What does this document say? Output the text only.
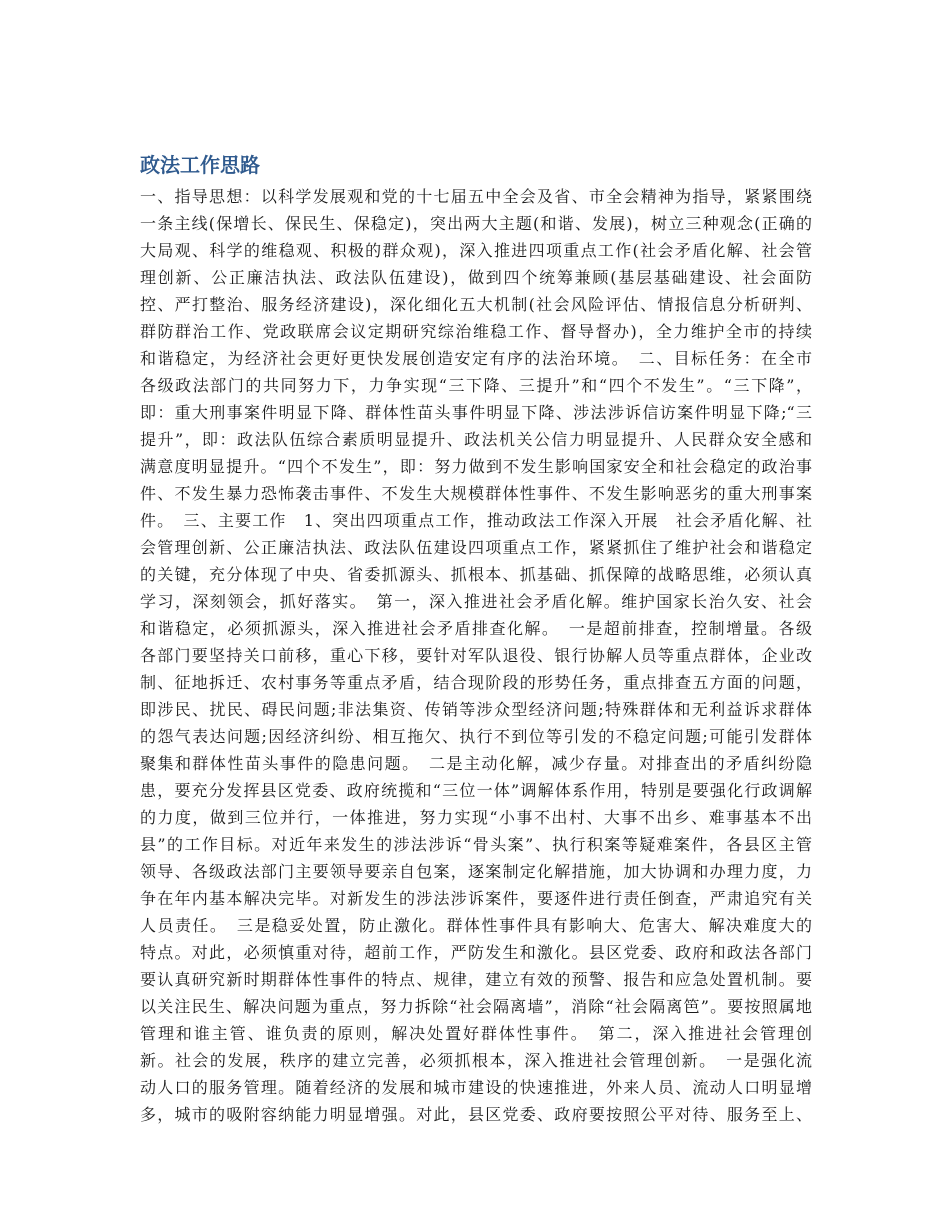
政法工作思路
一、指导思想：以科学发展观和党的十七届五中全会及省、市全会精神为指导，紧紧围绕
一条主线(保增长、保民生、保稳定)，突出两大主题(和谐、发展)，树立三种观念(正确的
大局观、科学的维稳观、积极的群众观)，深入推进四项重点工作(社会矛盾化解、社会管
理创新、公正廉洁执法、政法队伍建设)，做到四个统筹兼顾(基层基础建设、社会面防
控、严打整治、服务经济建设)，深化细化五大机制(社会风险评估、情报信息分析研判、
群防群治工作、党政联席会议定期研究综治维稳工作、督导督办)，全力维护全市的持续
和谐稳定，为经济社会更好更快发展创造安定有序的法治环境。　二、目标任务：在全市
各级政法部门的共同努力下，力争实现“三下降、三提升”和“四个不发生”。“三下降”，
即：重大刑事案件明显下降、群体性苗头事件明显下降、涉法涉诉信访案件明显下降;“三
提升”，即：政法队伍综合素质明显提升、政法机关公信力明显提升、人民群众安全感和
满意度明显提升。“四个不发生”，即：努力做到不发生影响国家安全和社会稳定的政治事
件、不发生暴力恐怖袭击事件、不发生大规模群体性事件、不发生影响恶劣的重大刑事案
件。　三、主要工作　1、突出四项重点工作，推动政法工作深入开展　社会矛盾化解、社
会管理创新、公正廉洁执法、政法队伍建设四项重点工作，紧紧抓住了维护社会和谐稳定
的关键，充分体现了中央、省委抓源头、抓根本、抓基础、抓保障的战略思维，必须认真
学习，深刻领会，抓好落实。　第一，深入推进社会矛盾化解。维护国家长治久安、社会
和谐稳定，必须抓源头，深入推进社会矛盾排查化解。　一是超前排查，控制增量。各级
各部门要坚持关口前移，重心下移，要针对军队退役、银行协解人员等重点群体，企业改
制、征地拆迁、农村事务等重点矛盾，结合现阶段的形势任务，重点排查五方面的问题，
即涉民、扰民、碍民问题;非法集资、传销等涉众型经济问题;特殊群体和无利益诉求群体
的怨气表达问题;因经济纠纷、相互拖欠、执行不到位等引发的不稳定问题;可能引发群体
聚集和群体性苗头事件的隐患问题。　二是主动化解，减少存量。对排查出的矛盾纠纷隐
患，要充分发挥县区党委、政府统揽和“三位一体”调解体系作用，特别是要强化行政调解
的力度，做到三位并行，一体推进，努力实现“小事不出村、大事不出乡、难事基本不出
县”的工作目标。对近年来发生的涉法涉诉“骨头案”、执行积案等疑难案件，各县区主管
领导、各级政法部门主要领导要亲自包案，逐案制定化解措施，加大协调和办理力度，力
争在年内基本解决完毕。对新发生的涉法涉诉案件，要逐件进行责任倒查，严肃追究有关
人员责任。　三是稳妥处置，防止激化。群体性事件具有影响大、危害大、解决难度大的
特点。对此，必须慎重对待，超前工作，严防发生和激化。县区党委、政府和政法各部门
要认真研究新时期群体性事件的特点、规律，建立有效的预警、报告和应急处置机制。要
以关注民生、解决问题为重点，努力拆除“社会隔离墙”，消除“社会隔离笆”。要按照属地
管理和谁主管、谁负责的原则，解决处置好群体性事件。　第二，深入推进社会管理创
新。社会的发展，秩序的建立完善，必须抓根本，深入推进社会管理创新。　一是强化流
动人口的服务管理。随着经济的发展和城市建设的快速推进，外来人员、流动人口明显增
多，城市的吸附容纳能力明显增强。对此，县区党委、政府要按照公平对待、服务至上、
